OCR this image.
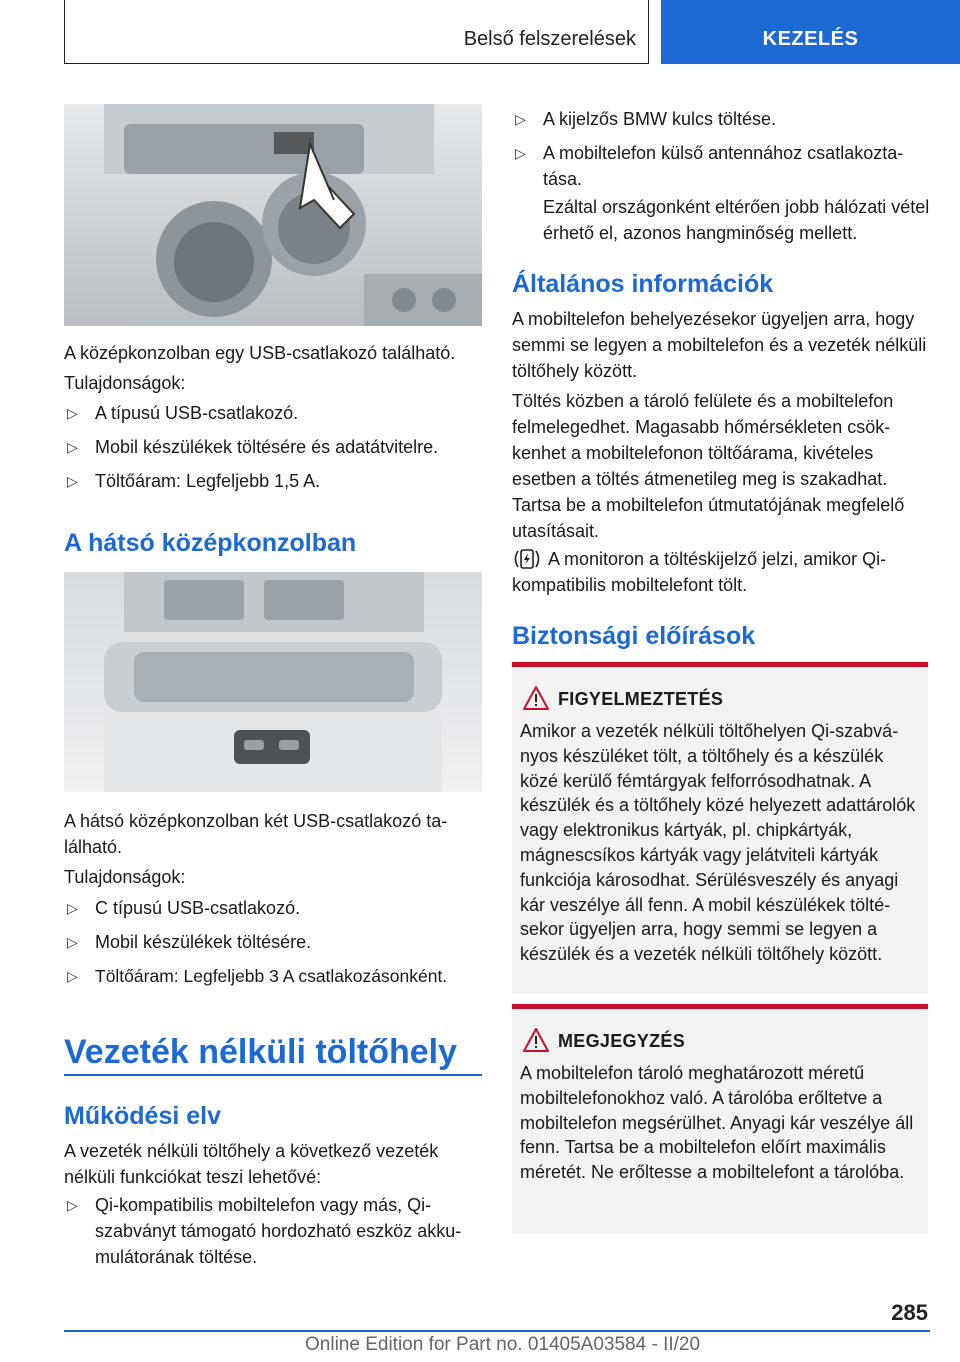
Belső felszerelések	KEZELÉS

A középkonzolban egy USB-csatlakozó található.

Tulajdonságok:

▷ A típusú USB-csatlakozó.
▷ Mobil készülékek töltésére és adatátvitelre.
▷ Töltőáram: Legfeljebb 1,5 A.
A hátsó középkonzolban

A hátsó középkonzolban két USB-csatlakozó található.

Tulajdonságok:

▷ C típusú USB-csatlakozó.
▷ Mobil készülékek töltésére.
▷ Töltőáram: Legfeljebb 3 A csatlakozásonként.
Vezeték nélküli töltőhely
Működési elv

A vezeték nélküli töltőhely a következő vezeték nélküli funkciókat teszi lehetővé:

▷ Qi-kompatibilis mobiltelefon vagy más, Qi-szabványt támogató hordozható eszköz akkumulátorának töltése.
▷ A kijelzős BMW kulcs töltése.
▷ A mobiltelefon külső antennához csatlakoztatása.

Ezáltal országonként eltérően jobb hálózati vétel érhető el, azonos hangminőség mellett.

Általános információk

A mobiltelefon behelyezésekor ügyeljen arra, hogy semmi se legyen a mobiltelefon és a vezeték nélküli töltőhely között.

Töltés közben a tároló felülete és a mobiltelefon felmelegedhet. Magasabb hőmérsékleten csökkenhet a mobiltelefonon töltőárama, kivételes esetben a töltés átmenetileg meg is szakadhat. Tartsa be a mobiltelefon útmutatójának megfelelő utasításait.

A monitoron a töltéskijelző jelzi, amikor Qi-kompatibilis mobiltelefont tölt.

Biztonsági előírások
FIGYELMEZTETÉS

Amikor a vezeték nélküli töltőhelyen Qi-szabványos készüléket tölt, a töltőhely és a készülék közé kerülő fémtárgyak felforrósodhatnak. A készülék és a töltőhely közé helyezett adattárolók vagy elektronikus kártyák, pl. chipkártyák, mágnescsíkos kártyák vagy jelátviteli kártyák funkciója károsodhat. Sérülésveszély és anyagi kár veszélye áll fenn. A mobil készülékek töltésekor ügyeljen arra, hogy semmi se legyen a készülék és a vezeték nélküli töltőhely között.

MEGJEGYZÉS

A mobiltelefon tároló meghatározott méretű mobiltelefonokhoz való. A tárolóba erőltetve a mobiltelefon megsérülhet. Anyagi kár veszélye áll fenn. Tartsa be a mobiltelefon előírt maximális méretét. Ne erőltesse a mobiltelefont a tárolóba.

285
Online Edition for Part no. 01405A03584 - II/20
